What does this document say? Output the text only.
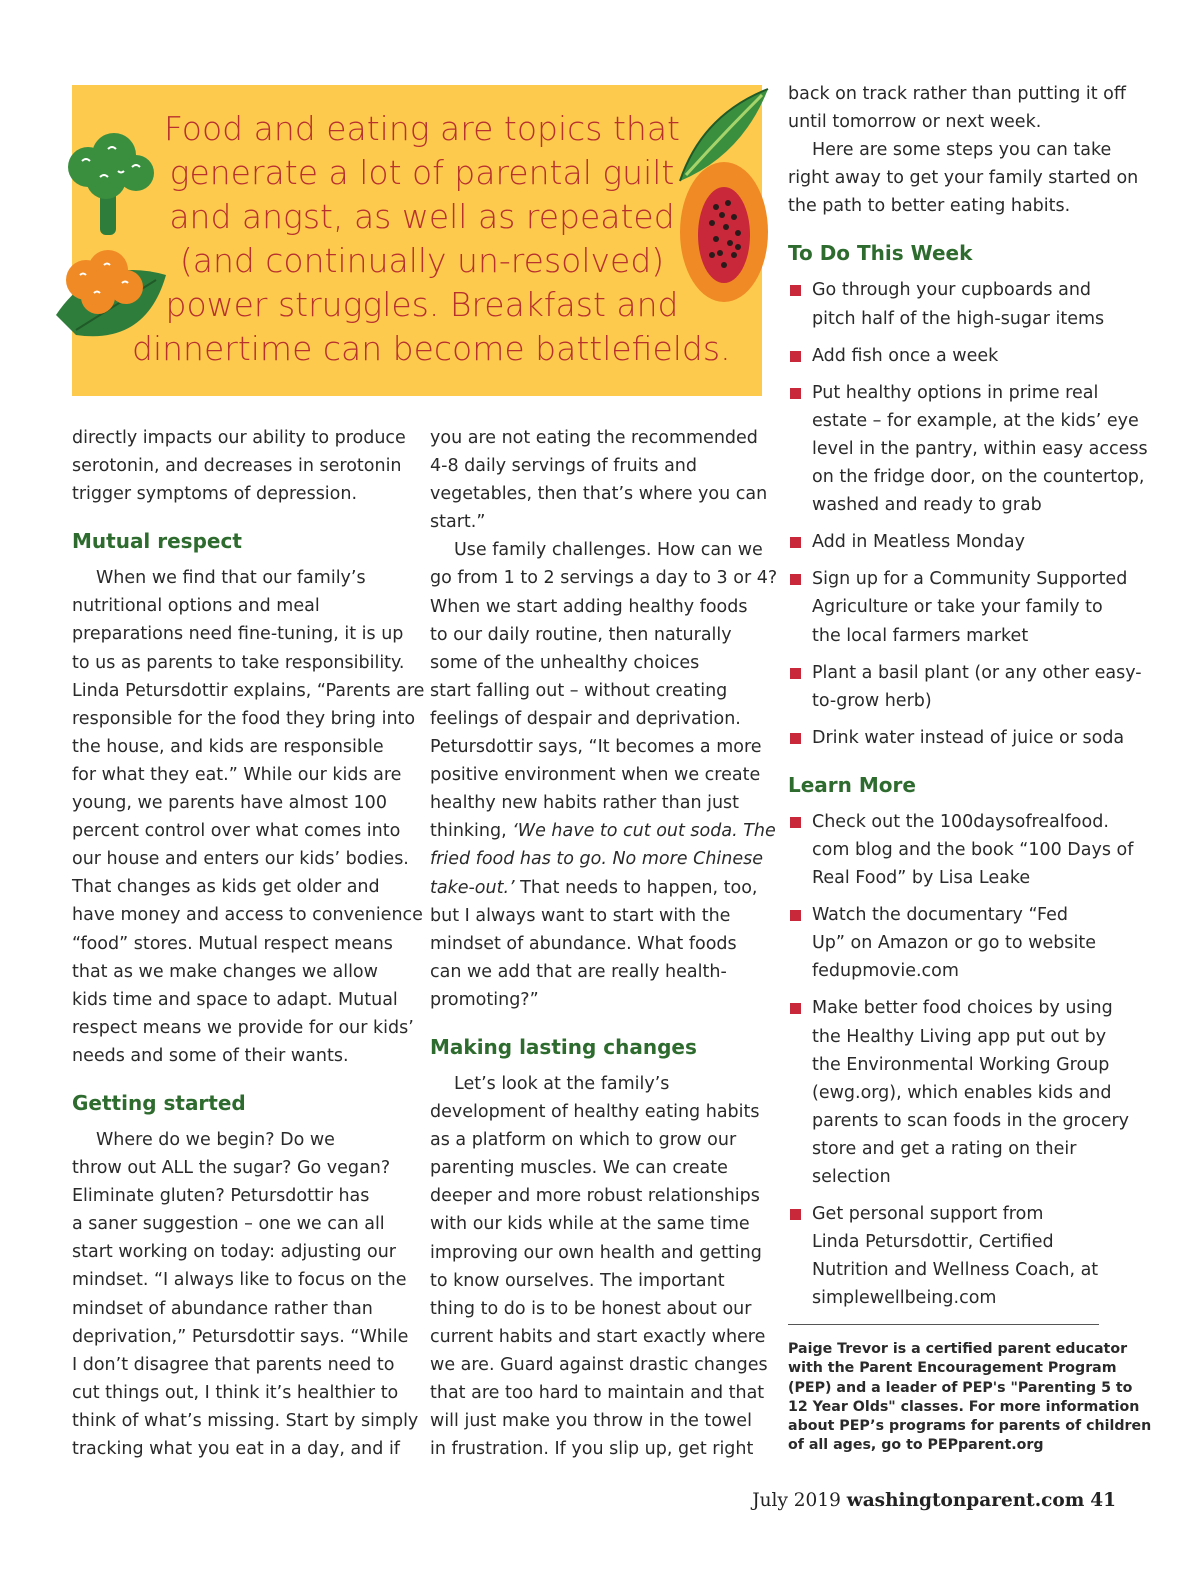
Food and eating are topics that
generate a lot of parental guilt
and angst, as well as repeated
(and continually un-resolved)
power struggles. Breakfast and
dinnertime can become battlefields.

directly impacts our ability to produce
serotonin, and decreases in serotonin
trigger symptoms of depression.

Mutual respect

When we find that our family’s
nutritional options and meal
preparations need fine-tuning, it is up
to us as parents to take responsibility.
Linda Petursdottir explains, “Parents are
responsible for the food they bring into
the house, and kids are responsible
for what they eat.” While our kids are
young, we parents have almost 100
percent control over what comes into
our house and enters our kids’ bodies.
That changes as kids get older and
have money and access to convenience
“food” stores. Mutual respect means
that as we make changes we allow
kids time and space to adapt. Mutual
respect means we provide for our kids’
needs and some of their wants.

Getting started

Where do we begin? Do we
throw out ALL the sugar? Go vegan?
Eliminate gluten? Petursdottir has
a saner suggestion – one we can all
start working on today: adjusting our
mindset. “I always like to focus on the
mindset of abundance rather than
deprivation,” Petursdottir says. “While
I don’t disagree that parents need to
cut things out, I think it’s healthier to
think of what’s missing. Start by simply
tracking what you eat in a day, and if

you are not eating the recommended
4-8 daily servings of fruits and
vegetables, then that’s where you can
start.”

Use family challenges. How can we
go from 1 to 2 servings a day to 3 or 4?
When we start adding healthy foods
to our daily routine, then naturally
some of the unhealthy choices
start falling out – without creating
feelings of despair and deprivation.
Petursdottir says, “It becomes a more
positive environment when we create
healthy new habits rather than just
thinking, ‘We have to cut out soda. The
fried food has to go. No more Chinese
take-out.’ That needs to happen, too,
but I always want to start with the
mindset of abundance. What foods
can we add that are really health-
promoting?”

Making lasting changes

Let’s look at the family’s
development of healthy eating habits
as a platform on which to grow our
parenting muscles. We can create
deeper and more robust relationships
with our kids while at the same time
improving our own health and getting
to know ourselves. The important
thing to do is to be honest about our
current habits and start exactly where
we are. Guard against drastic changes
that are too hard to maintain and that
will just make you throw in the towel
in frustration. If you slip up, get right

back on track rather than putting it off
until tomorrow or next week.

Here are some steps you can take
right away to get your family started on
the path to better eating habits.

To Do This Week
Go through your cupboards and
pitch half of the high-sugar items
Add fish once a week
Put healthy options in prime real
estate – for example, at the kids’ eye
level in the pantry, within easy access
on the fridge door, on the countertop,
washed and ready to grab
Add in Meatless Monday
Sign up for a Community Supported
Agriculture or take your family to
the local farmers market
Plant a basil plant (or any other easy-
to-grow herb)
Drink water instead of juice or soda
Learn More
Check out the 100daysofrealfood.
com blog and the book “100 Days of
Real Food” by Lisa Leake
Watch the documentary “Fed
Up” on Amazon or go to website
fedupmovie.com
Make better food choices by using
the Healthy Living app put out by
the Environmental Working Group
(ewg.org), which enables kids and
parents to scan foods in the grocery
store and get a rating on their
selection
Get personal support from
Linda Petursdottir, Certified
Nutrition and Wellness Coach, at
simplewellbeing.com
Paige Trevor is a certified parent educator
with the Parent Encouragement Program
(PEP) and a leader of PEP's "Parenting 5 to
12 Year Olds" classes. For more information
about PEP’s programs for parents of children
of all ages, go to PEPparent.org
July 2019 washingtonparent.com 41
